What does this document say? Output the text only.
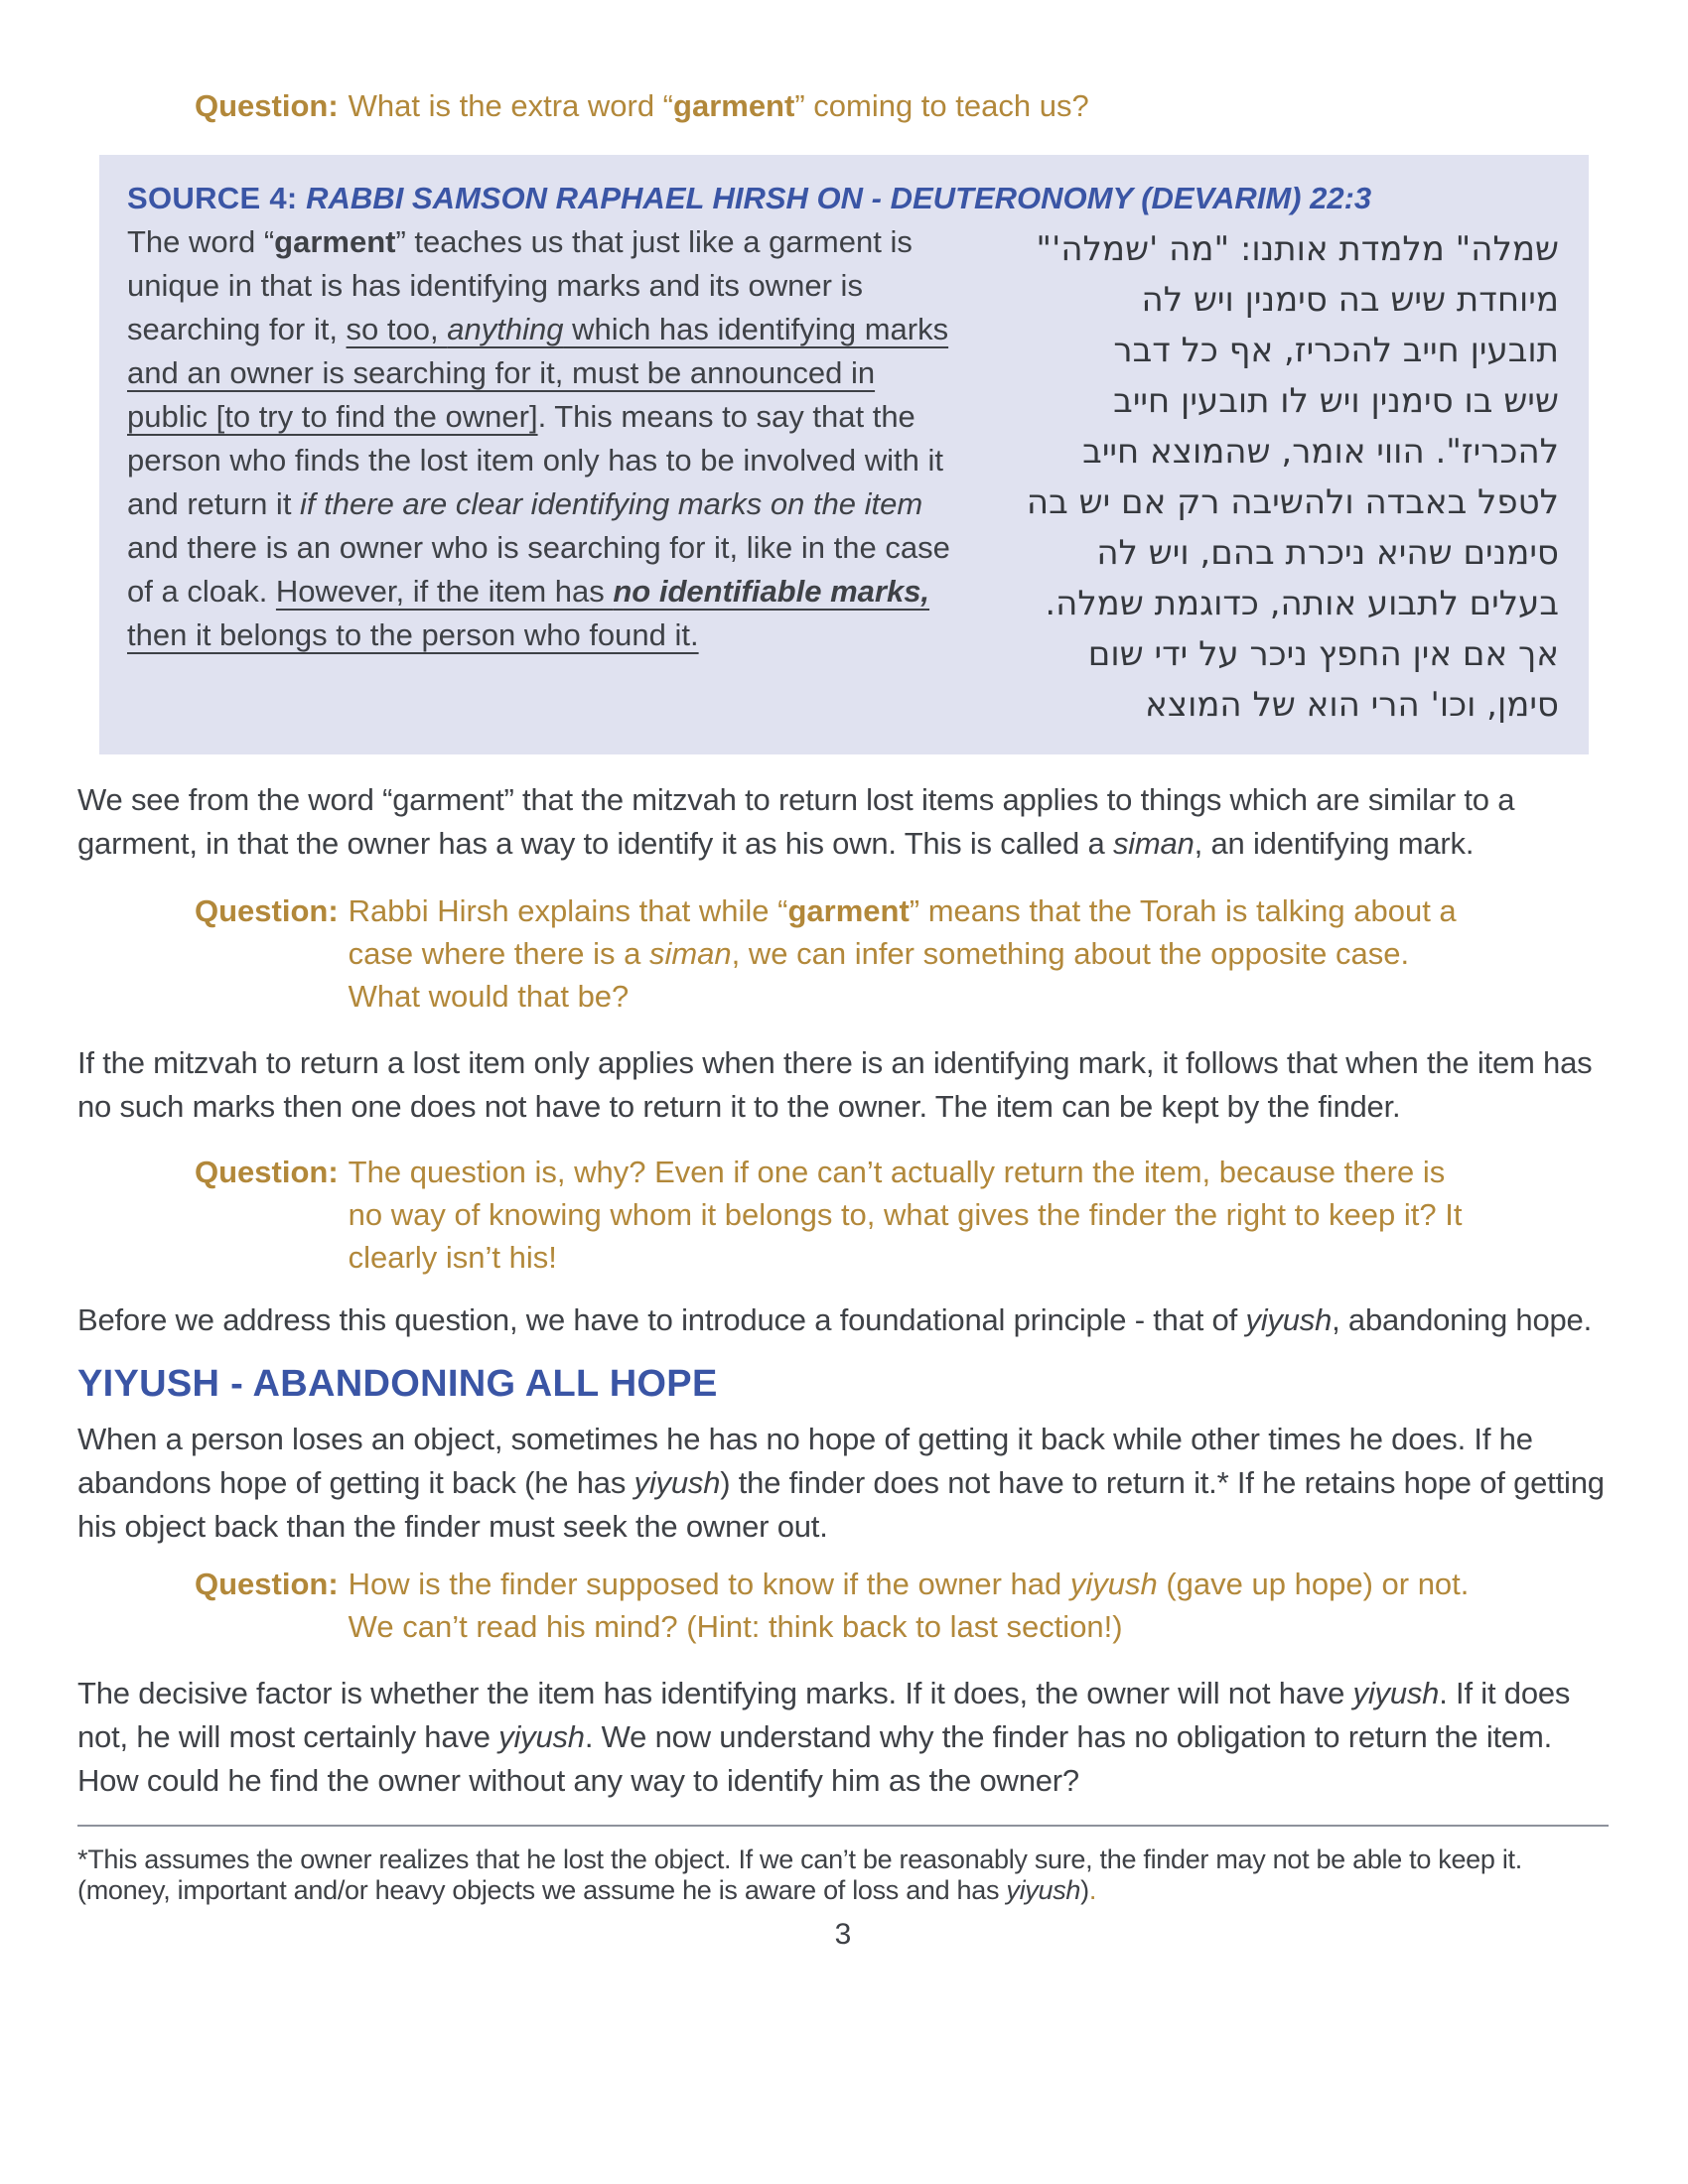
Question: What is the extra word “garment” coming to teach us?
SOURCE 4: RABBI SAMSON RAPHAEL HIRSH ON - DEUTERONOMY (DEVARIM) 22:3
The word “garment” teaches us that just like a garment is unique in that is has identifying marks and its owner is searching for it, so too, anything which has identifying marks and an owner is searching for it, must be announced in public [to try to find the owner]. This means to say that the person who finds the lost item only has to be involved with it and return it if there are clear identifying marks on the item and there is an owner who is searching for it, like in the case of a cloak. However, if the item has no identifiable marks, then it belongs to the person who found it.
שמלה" מלמדת אותנו: "מה 'שמלה'"
מיוחדת שיש בה סימנין ויש לה
תובעין חייב להכריז, אף כל דבר
שיש בו סימנין ויש לו תובעין חייב
להכריז". הווי אומר, שהמוצא חייב
לטפל באבדה ולהשיבה רק אם יש בה
סימנים שהיא ניכרת בהם, ויש לה
בעלים לתבוע אותה, כדוגמת שמלה.
אך אם אין החפץ ניכר על ידי שום
סימן, וכו' הרי הוא של המוצא
We see from the word “garment” that the mitzvah to return lost items applies to things which are similar to a garment, in that the owner has a way to identify it as his own. This is called a siman, an identifying mark.
Question: Rabbi Hirsh explains that while “garment” means that the Torah is talking about a case where there is a siman, we can infer something about the opposite case. What would that be?
If the mitzvah to return a lost item only applies when there is an identifying mark, it follows that when the item has no such marks then one does not have to return it to the owner. The item can be kept by the finder.
Question: The question is, why? Even if one can’t actually return the item, because there is no way of knowing whom it belongs to, what gives the finder the right to keep it? It clearly isn’t his!
Before we address this question, we have to introduce a foundational principle - that of yiyush, abandoning hope.
YIYUSH - ABANDONING ALL HOPE
When a person loses an object, sometimes he has no hope of getting it back while other times he does. If he abandons hope of getting it back (he has yiyush) the finder does not have to return it.* If he retains hope of getting his object back than the finder must seek the owner out.
Question: How is the finder supposed to know if the owner had yiyush (gave up hope) or not. We can’t read his mind? (Hint: think back to last section!)
The decisive factor is whether the item has identifying marks. If it does, the owner will not have yiyush. If it does not, he will most certainly have yiyush. We now understand why the finder has no obligation to return the item. How could he find the owner without any way to identify him as the owner?
*This assumes the owner realizes that he lost the object. If we can’t be reasonably sure, the finder may not be able to keep it. (money, important and/or heavy objects we assume he is aware of loss and has yiyush).
3
